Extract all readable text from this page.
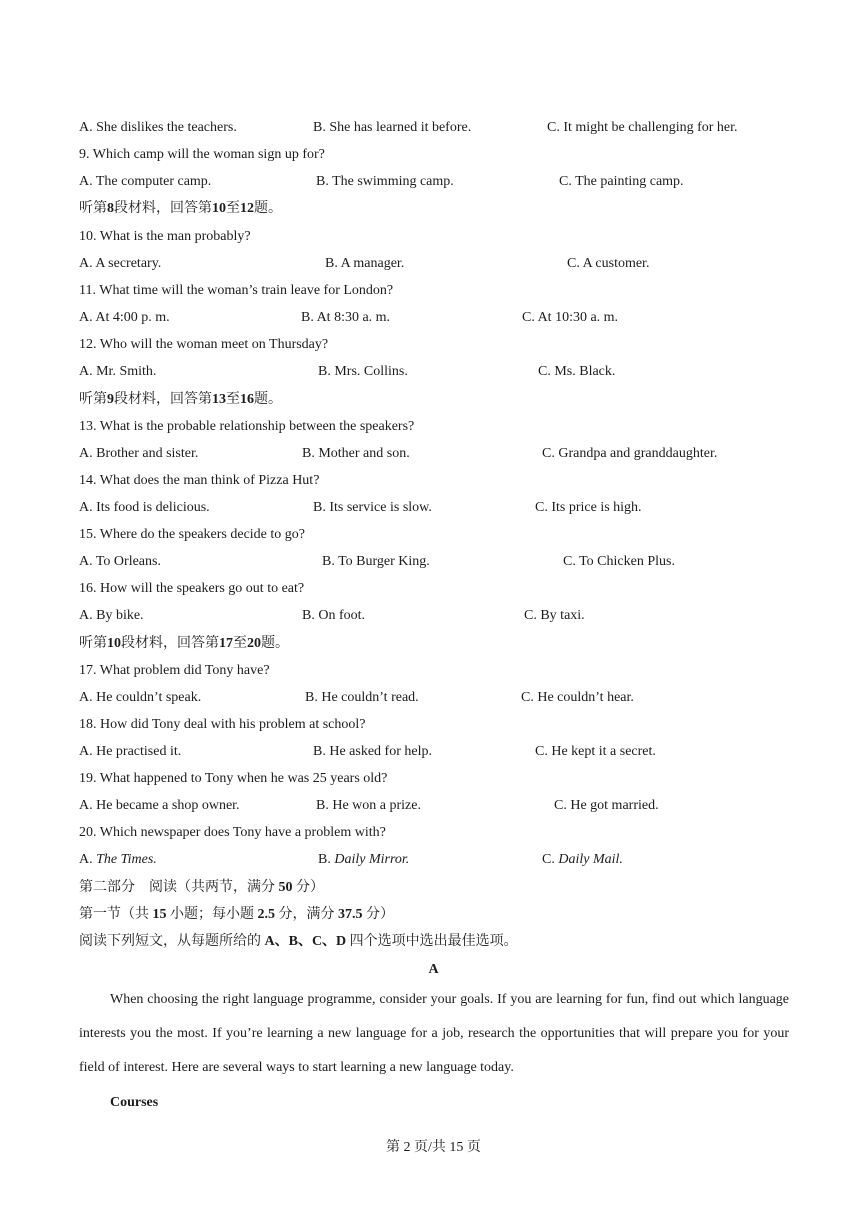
A. She dislikes the teachers.	B. She has learned it before.	C. It might be challenging for her.
9. Which camp will the woman sign up for?
A. The computer camp.	B. The swimming camp.	C. The painting camp.
听第8段材料，回答第10至12题。
10. What is the man probably?
A. A secretary.	B. A manager.	C. A customer.
11. What time will the woman’s train leave for London?
A. At 4:00 p. m.	B. At 8:30 a. m.	C. At 10:30 a. m.
12. Who will the woman meet on Thursday?
A. Mr. Smith.	B. Mrs. Collins.	C. Ms. Black.
听第9段材料，回答第13至16题。
13. What is the probable relationship between the speakers?
A. Brother and sister.	B. Mother and son.	C. Grandpa and granddaughter.
14. What does the man think of Pizza Hut?
A. Its food is delicious.	B. Its service is slow.	C. Its price is high.
15. Where do the speakers decide to go?
A. To Orleans.	B. To Burger King.	C. To Chicken Plus.
16. How will the speakers go out to eat?
A. By bike.	B. On foot.	C. By taxi.
听第10段材料，回答第17至20题。
17. What problem did Tony have?
A. He couldn’t speak.	B. He couldn’t read.	C. He couldn’t hear.
18. How did Tony deal with his problem at school?
A. He practised it.	B. He asked for help.	C. He kept it a secret.
19. What happened to Tony when he was 25 years old?
A. He became a shop owner.	B. He won a prize.	C. He got married.
20. Which newspaper does Tony have a problem with?
A. The Times.	B. Daily Mirror.	C. Daily Mail.
第二部分　阅读（共两节，满分 50 分）
第一节（共 15 小题；每小题 2.5 分，满分 37.5 分）
阅读下列短文，从每题所给的 A、B、C、D 四个选项中选出最佳选项。
A
When choosing the right language programme, consider your goals. If you are learning for fun, find out which language interests you the most. If you’re learning a new language for a job, research the opportunities that will prepare you for your field of interest. Here are several ways to start learning a new language today.
Courses
第 2 页/共 15 页
